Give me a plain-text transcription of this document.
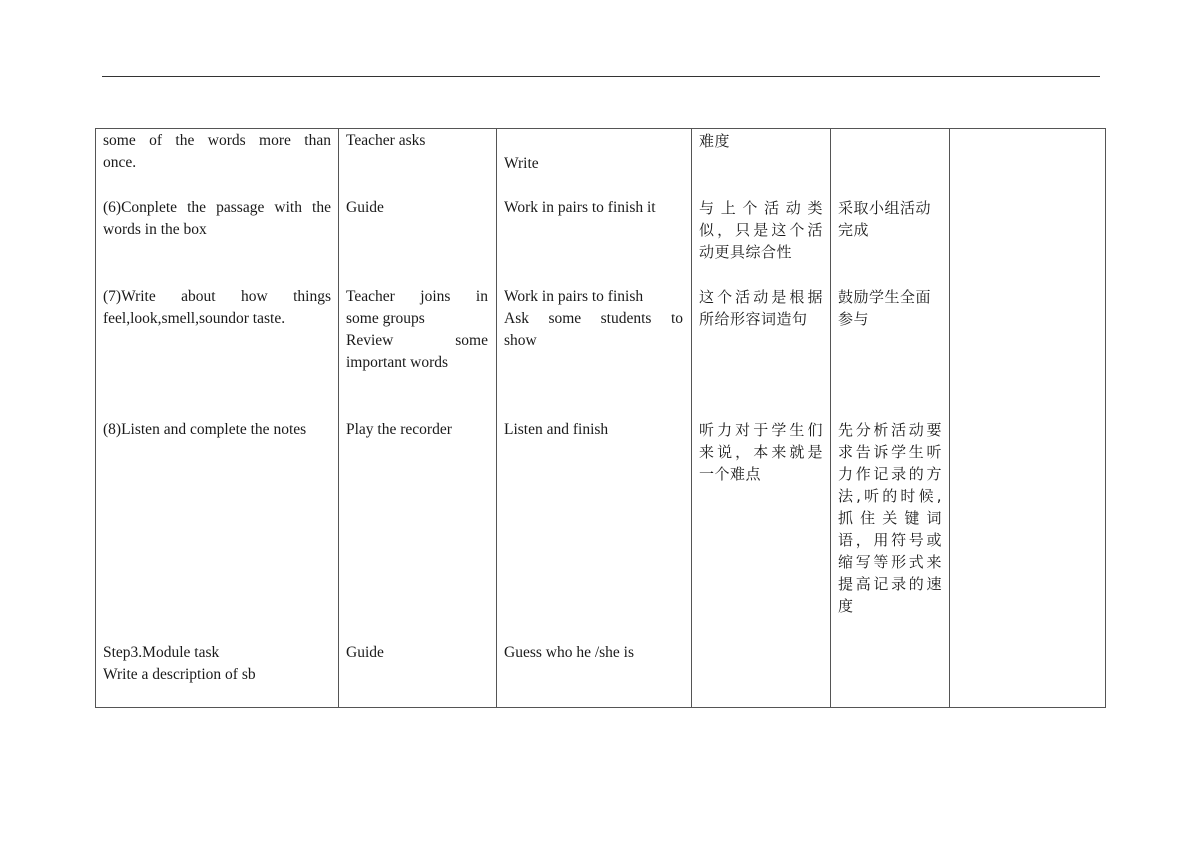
some of the words more than
once.
(6)Conplete the passage with the
words in the box
(7)Write about how things
feel,look,smell,soundor taste.
(8)Listen and complete the notes
Step3.Module task
Write a description of sb
Teacher asks
Guide
Teacher joins in
some groups
Review some
important words
Play the recorder
Guide
Write
Work in pairs to finish it
Work in pairs to finish
Ask some students to
show
Listen and finish
Guess who he /she is
难度
与上个活动类
似，只是这个活
动更具综合性
这个活动是根据
所给形容词造句
听力对于学生们
来说，本来就是
一个难点
采取小组活动
完成
鼓励学生全面
参与
先分析活动要
求告诉学生听
力作记录的方
法,听的时候,
抓住关键词
语，用符号或
缩写等形式来
提高记录的速
度
